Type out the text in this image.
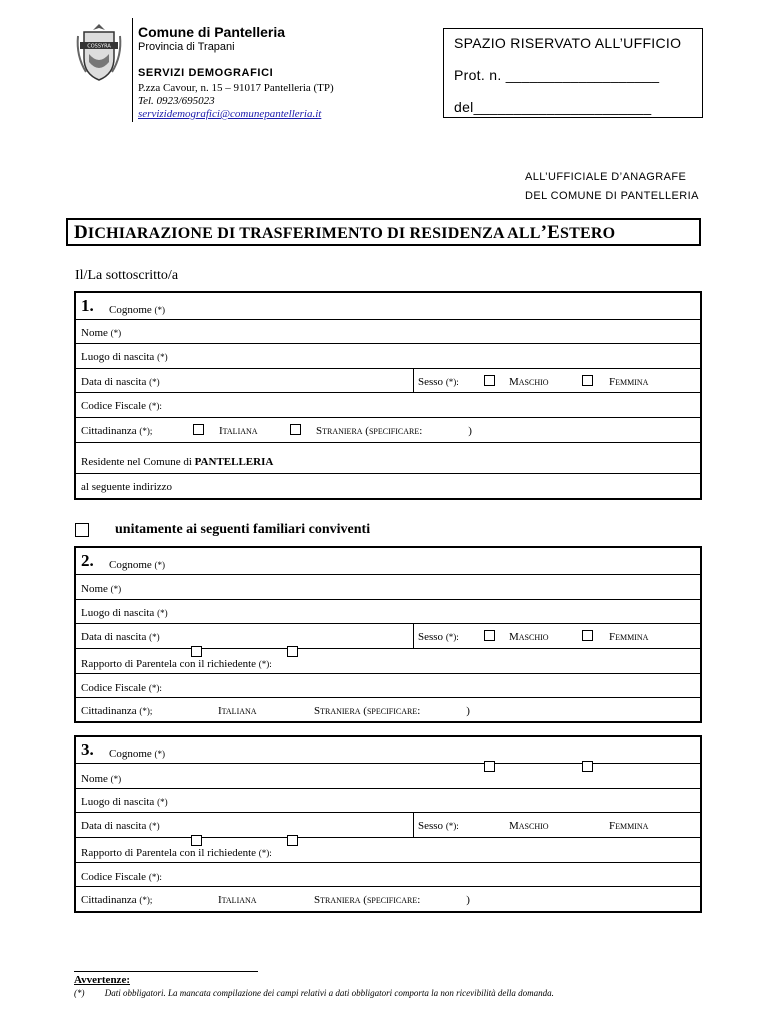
COSSYRA
Comune di Pantelleria
Provincia di Trapani
SERVIZI DEMOGRAFICI
P.zza Cavour, n. 15 – 91017 Pantelleria (TP)
Tel. 0923/695023
servizidemografici@comunepantelleria.it
SPAZIO RISERVATO ALL’UFFICIO
Prot. n. ___________________
del______________________
ALL’UFFICIALE D’ANAGRAFE
DEL COMUNE DI PANTELLERIA
DICHIARAZIONE DI TRASFERIMENTO DI RESIDENZA ALL’ESTERO
Il/La sottoscritto/a
1. Cognome (*)
Nome (*)
Luogo di nascita (*)
Data di nascita (*)	Sesso (*):	Maschio	Femmina
Codice Fiscale (*):
Cittadinanza (*);	Italiana	Straniera (specificare:	)
Residente nel Comune di PANTELLERIA
al seguente indirizzo
unitamente ai seguenti familiari conviventi
2. Cognome (*)
Nome (*)
Luogo di nascita (*)
Data di nascita (*)	Sesso (*):	Maschio	Femmina
Rapporto di Parentela con il richiedente (*):
Codice Fiscale (*):
Cittadinanza (*);	Italiana	Straniera (specificare:	)
3. Cognome (*)
Nome (*)
Luogo di nascita (*)
Data di nascita (*)	Sesso (*):	Maschio	Femmina
Rapporto di Parentela con il richiedente (*):
Codice Fiscale (*):
Cittadinanza (*);	Italiana	Straniera (specificare:	)
Avvertenze:
(*) Dati obbligatori. La mancata compilazione dei campi relativi a dati obbligatori comporta la non ricevibilità della domanda.
